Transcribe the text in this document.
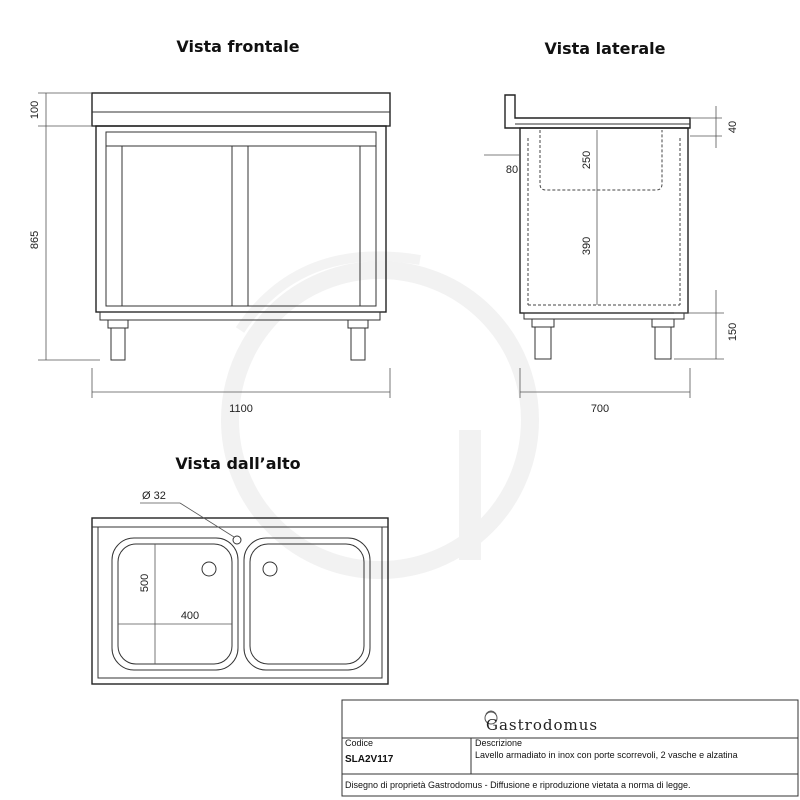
Vista frontale
100
865
1100
Vista laterale
40
80
250
390
150
700
Vista dall’alto
Ø 32
500
400
Gastrodomus
Codice
SLA2V117
Descrizione
Lavello armadiato in inox con porte scorrevoli, 2 vasche e alzatina
Disegno di proprietà Gastrodomus - Diffusione e riproduzione vietata a norma di legge.
